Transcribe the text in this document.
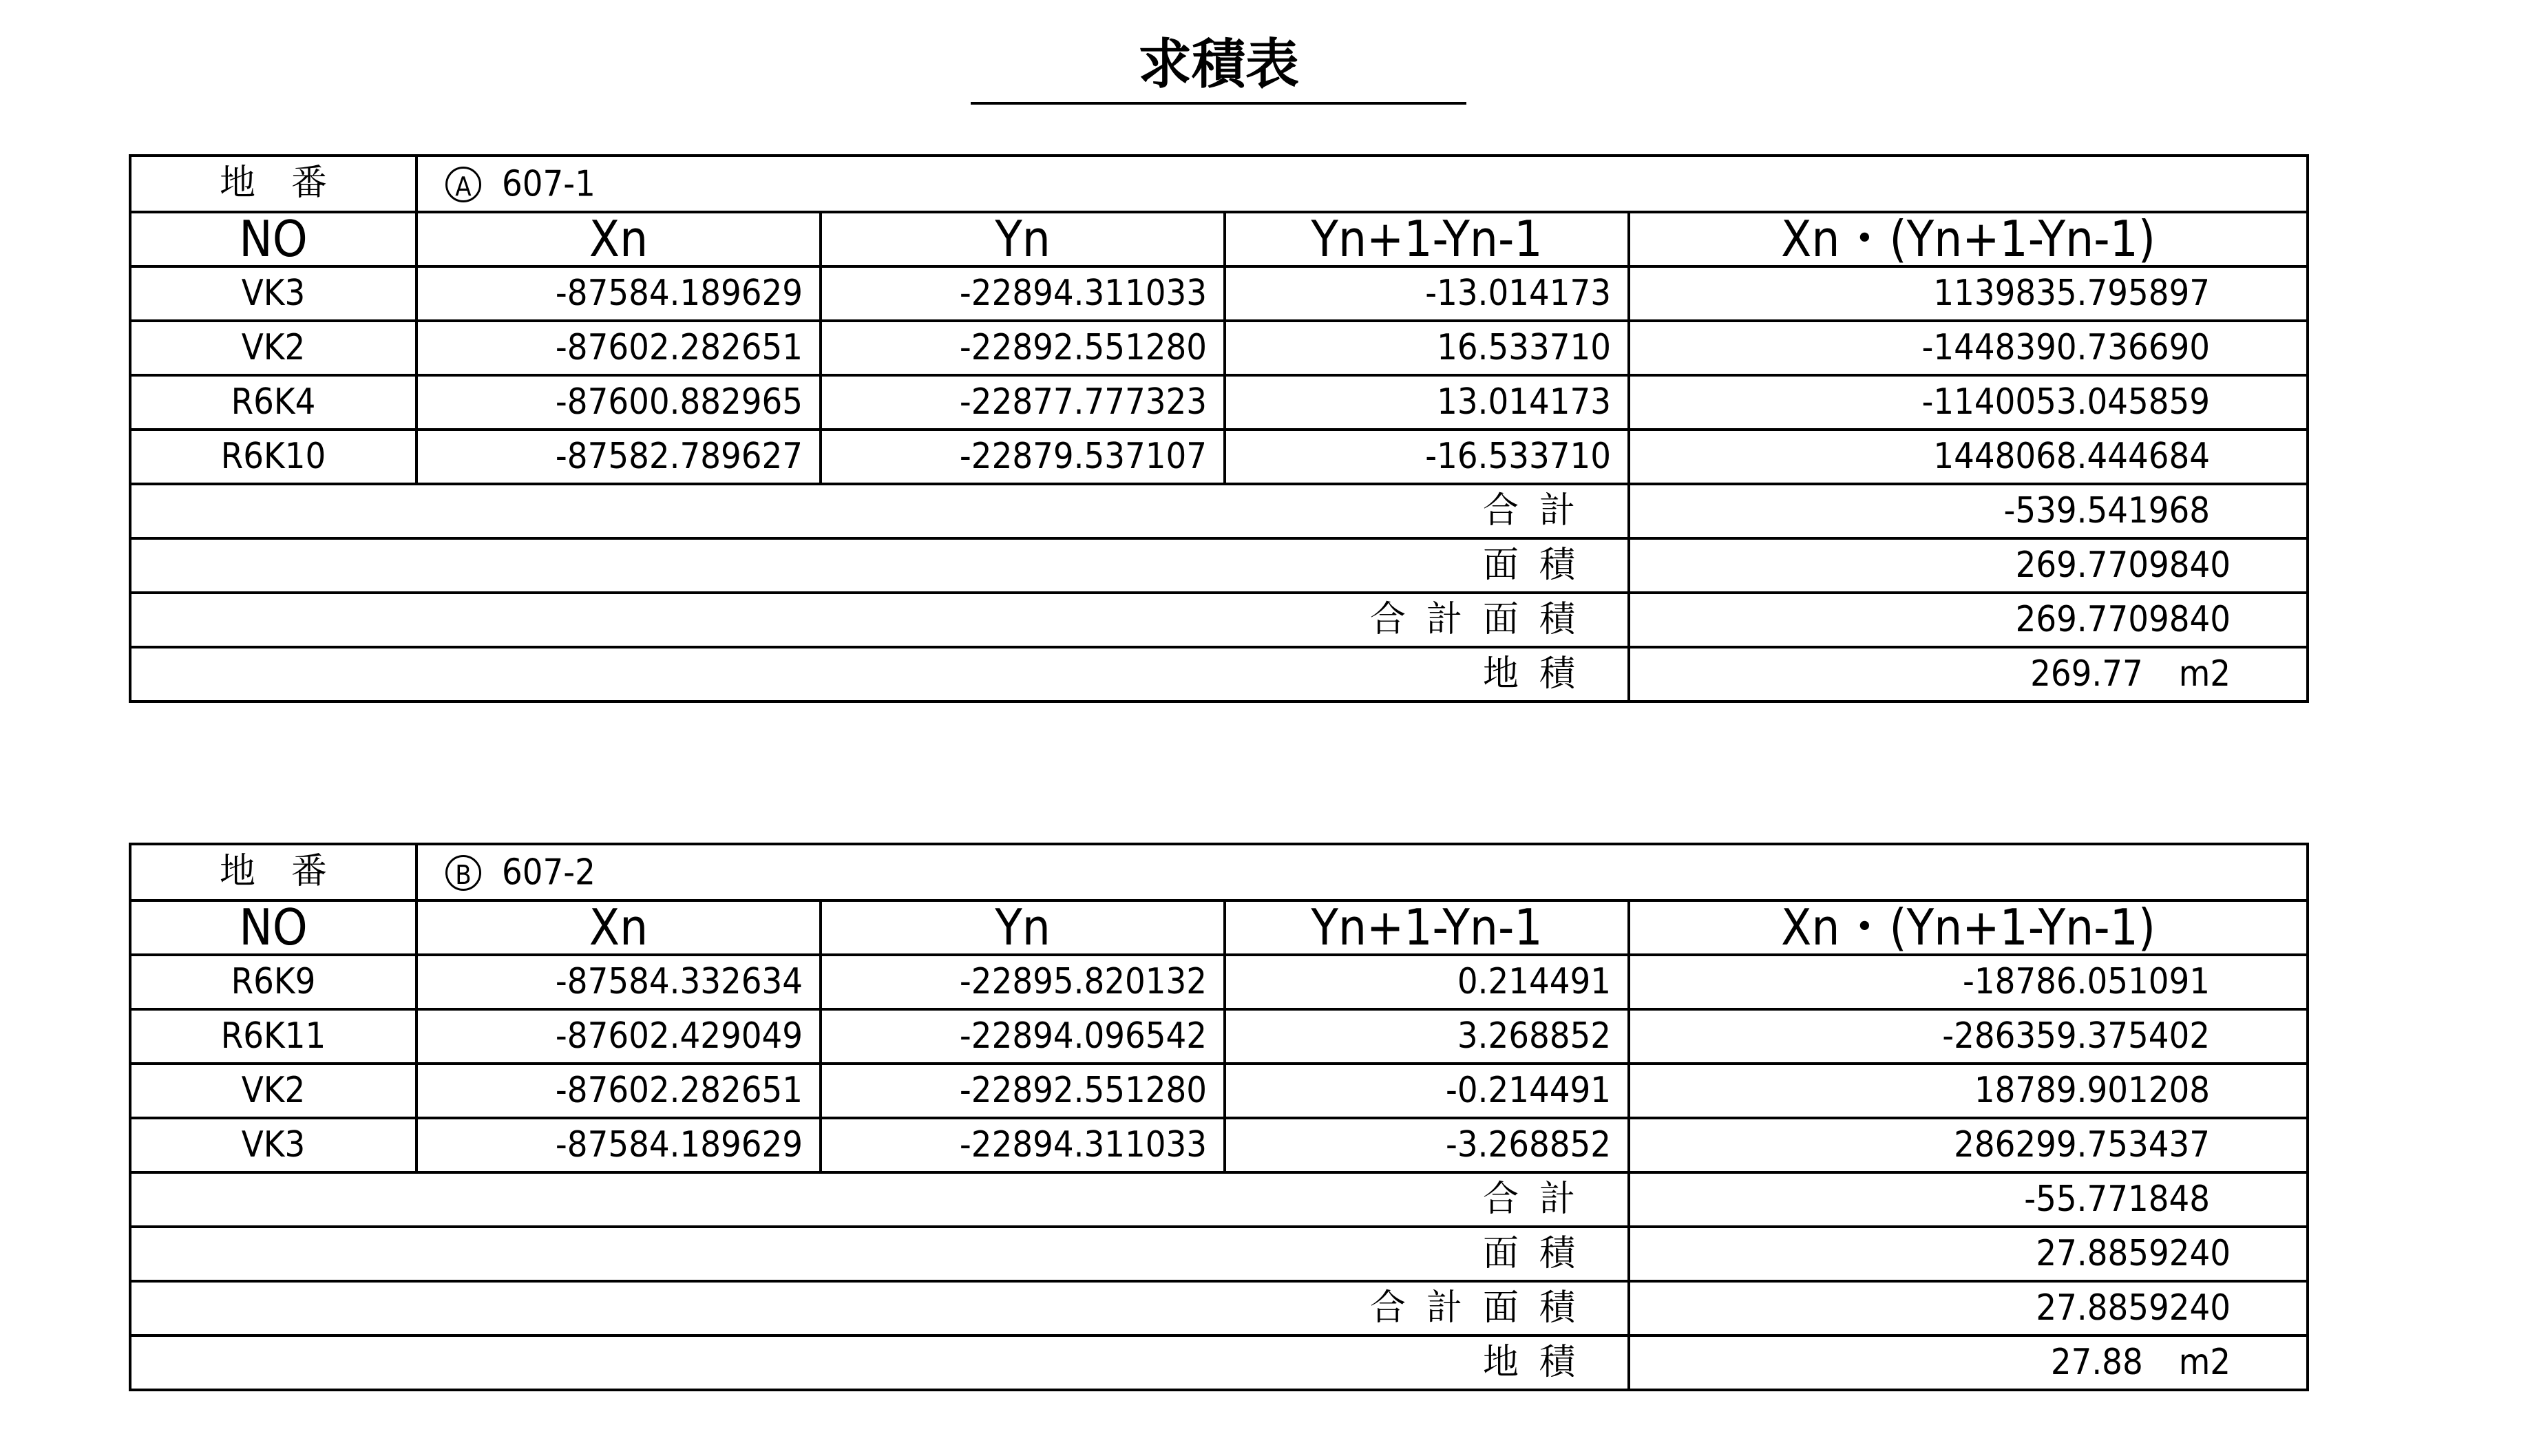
求積表
地　番	A 607-1			
NO	Xn	Yn	Yn+1-Yn-1	Xn・(Yn+1-Yn-1)
VK3	-87584.189629	-22894.311033	-13.014173	1139835.795897
VK2	-87602.282651	-22892.551280	16.533710	-1448390.736690
R6K4	-87600.882965	-22877.777323	13.014173	-1140053.045859
R6K10	-87582.789627	-22879.537107	-16.533710	1448068.444684
合計				-539.541968
面積				269.7709840
合計面積				269.7709840
地積				269.77　m2
地　番	B 607-2			
NO	Xn	Yn	Yn+1-Yn-1	Xn・(Yn+1-Yn-1)
R6K9	-87584.332634	-22895.820132	0.214491	-18786.051091
R6K11	-87602.429049	-22894.096542	3.268852	-286359.375402
VK2	-87602.282651	-22892.551280	-0.214491	18789.901208
VK3	-87584.189629	-22894.311033	-3.268852	286299.753437
合計				-55.771848
面積				27.8859240
合計面積				27.8859240
地積				27.88　m2
